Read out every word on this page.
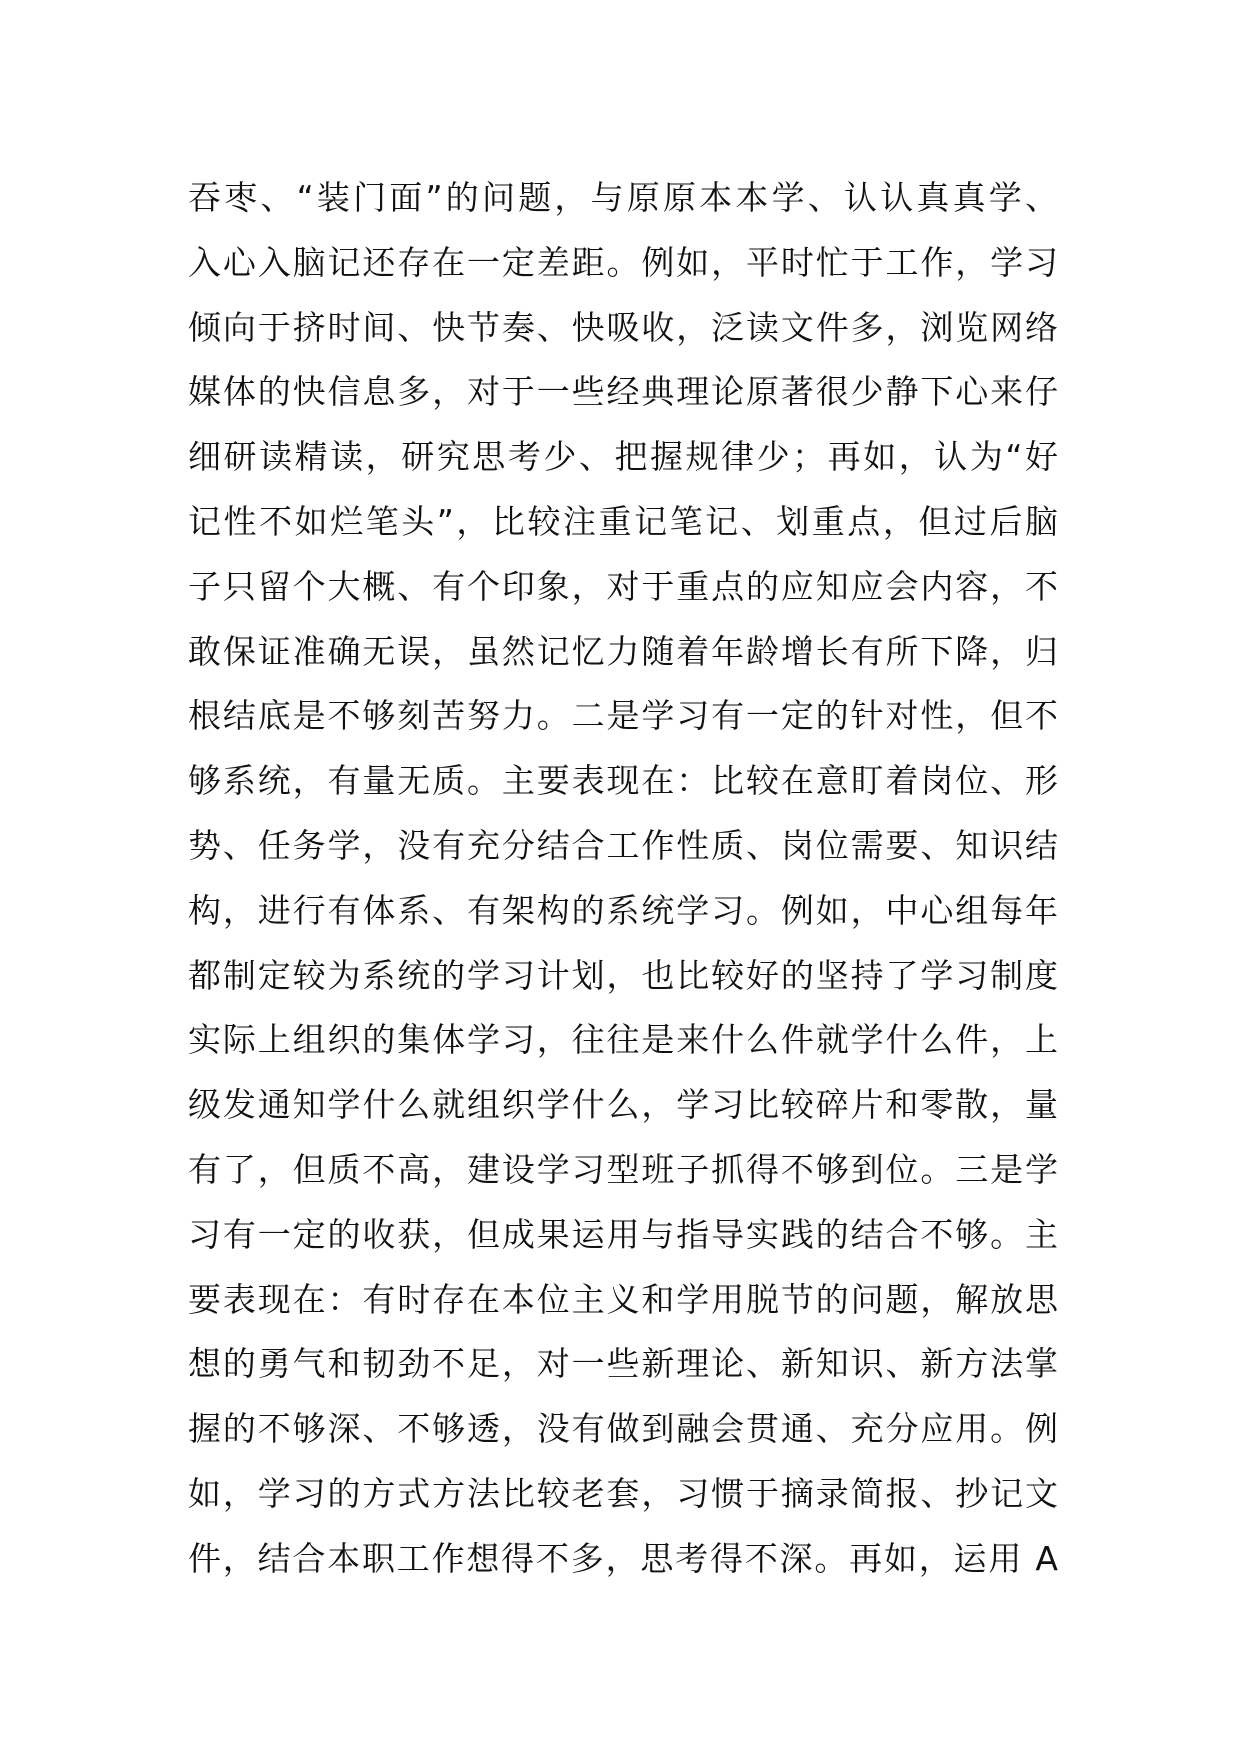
吞枣、“装门面”的问题，与原原本本学、认认真真学、
入心入脑记还存在一定差距。例如，平时忙于工作，学习
倾向于挤时间、快节奏、快吸收，泛读文件多，浏览网络
媒体的快信息多，对于一些经典理论原著很少静下心来仔
细研读精读，研究思考少、把握规律少；再如，认为“好
记性不如烂笔头”，比较注重记笔记、划重点，但过后脑
子只留个大概、有个印象，对于重点的应知应会内容，不
敢保证准确无误，虽然记忆力随着年龄增长有所下降，归
根结底是不够刻苦努力。二是学习有一定的针对性，但不
够系统，有量无质。主要表现在：比较在意盯着岗位、形
势、任务学，没有充分结合工作性质、岗位需要、知识结
构，进行有体系、有架构的系统学习。例如，中心组每年
都制定较为系统的学习计划，也比较好的坚持了学习制度
实际上组织的集体学习，往往是来什么件就学什么件，上
级发通知学什么就组织学什么，学习比较碎片和零散，量
有了，但质不高，建设学习型班子抓得不够到位。三是学
习有一定的收获，但成果运用与指导实践的结合不够。主
要表现在：有时存在本位主义和学用脱节的问题，解放思
想的勇气和韧劲不足，对一些新理论、新知识、新方法掌
握的不够深、不够透，没有做到融会贯通、充分应用。例
如，学习的方式方法比较老套，习惯于摘录简报、抄记文
件，结合本职工作想得不多，思考得不深。再如，运用 A
